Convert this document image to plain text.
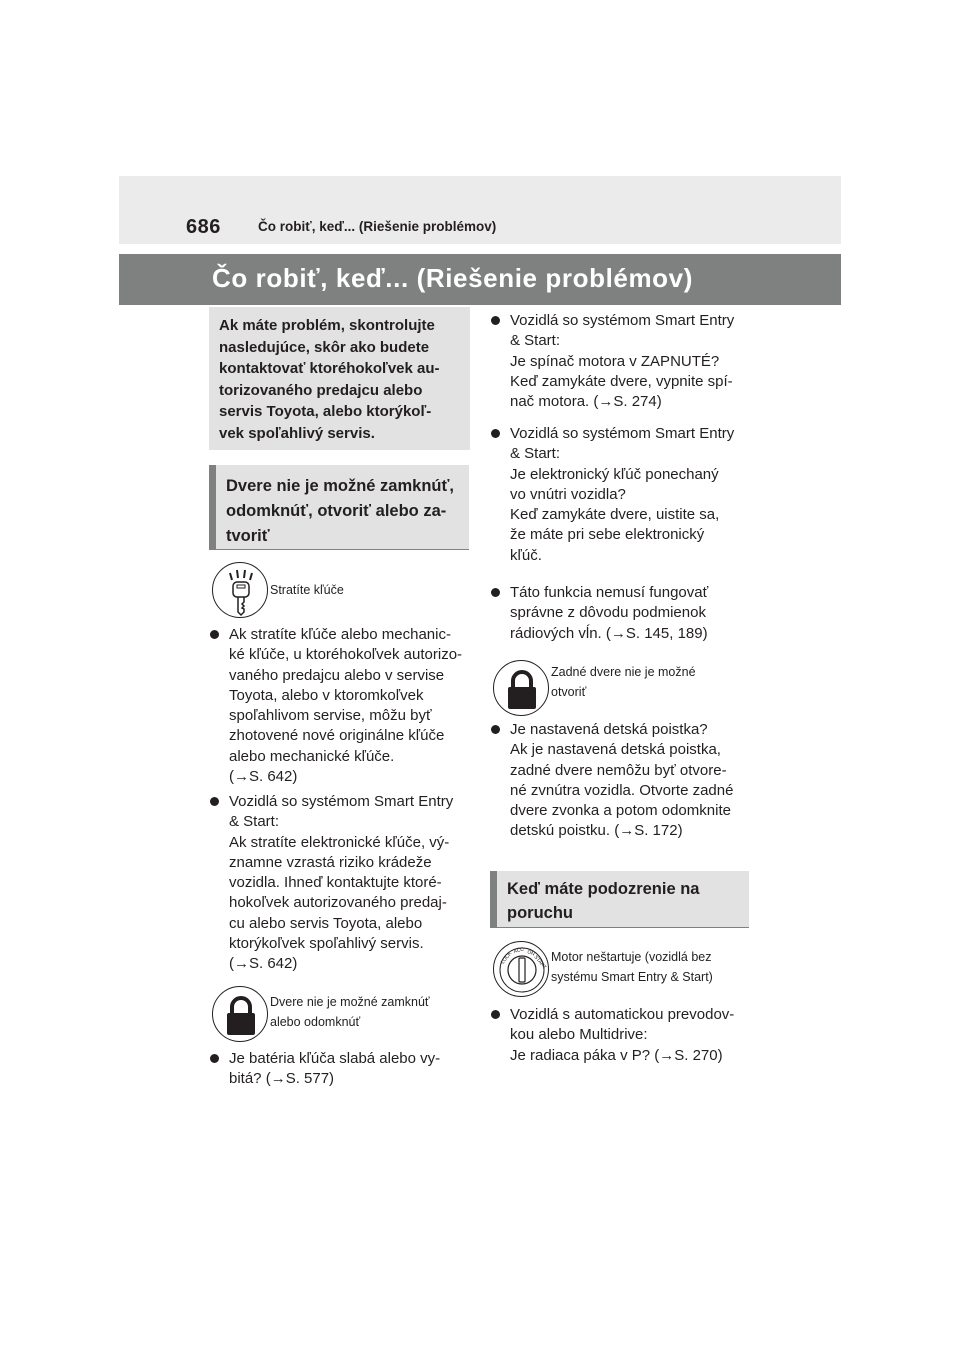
686	Čo robiť, keď... (Riešenie problémov)
Čo robiť, keď... (Riešenie problémov)

Ak máte problém, skontrolujte
nasledujúce, skôr ako budete
kontaktovať ktoréhokoľvek au-
torizovaného predajcu alebo
servis Toyota, alebo ktorýkoľ-
vek spoľahlivý servis.

Dvere nie je možné zamknúť,
odomknúť, otvoriť alebo za-
tvoriť
Stratíte kľúče
Ak stratíte kľúče alebo mechanic-
ké kľúče, u ktoréhokoľvek autorizo-
vaného predajcu alebo v servise
Toyota, alebo v ktoromkoľvek
spoľahlivom servise, môžu byť
zhotovené nové originálne kľúče
alebo mechanické kľúče.
(→S. 642)
Vozidlá so systémom Smart Entry
& Start:
Ak stratíte elektronické kľúče, vý-
znamne vzrastá riziko krádeže
vozidla. Ihneď kontaktujte ktoré-
hokoľvek autorizovaného predaj-
cu alebo servis Toyota, alebo
ktorýkoľvek spoľahlivý servis.
(→S. 642)
Dvere nie je možné zamknúť
alebo odomknúť
Je batéria kľúča slabá alebo vy-
bitá? (→S. 577)
Vozidlá so systémom Smart Entry
& Start:
Je spínač motora v ZAPNUTÉ?
Keď zamykáte dvere, vypnite spí-
nač motora. (→S. 274)
Vozidlá so systémom Smart Entry
& Start:
Je elektronický kľúč ponechaný
vo vnútri vozidla?
Keď zamykáte dvere, uistite sa,
že máte pri sebe elektronický
kľúč.
Táto funkcia nemusí fungovať
správne z dôvodu podmienok
rádiových vĺn. (→S. 145, 189)
Zadné dvere nie je možné
otvoriť
Je nastavená detská poistka?
Ak je nastavená detská poistka,
zadné dvere nemôžu byť otvore-
né zvnútra vozidla. Otvorte zadné
dvere zvonka a potom odomknite
detskú poistku. (→S. 172)
Keď máte podozrenie na
poruchu
LOCK
ACC ON
START Motor neštartuje (vozidlá bez
systému Smart Entry & Start)
Vozidlá s automatickou prevodov-
kou alebo Multidrive:
Je radiaca páka v P? (→S. 270)
